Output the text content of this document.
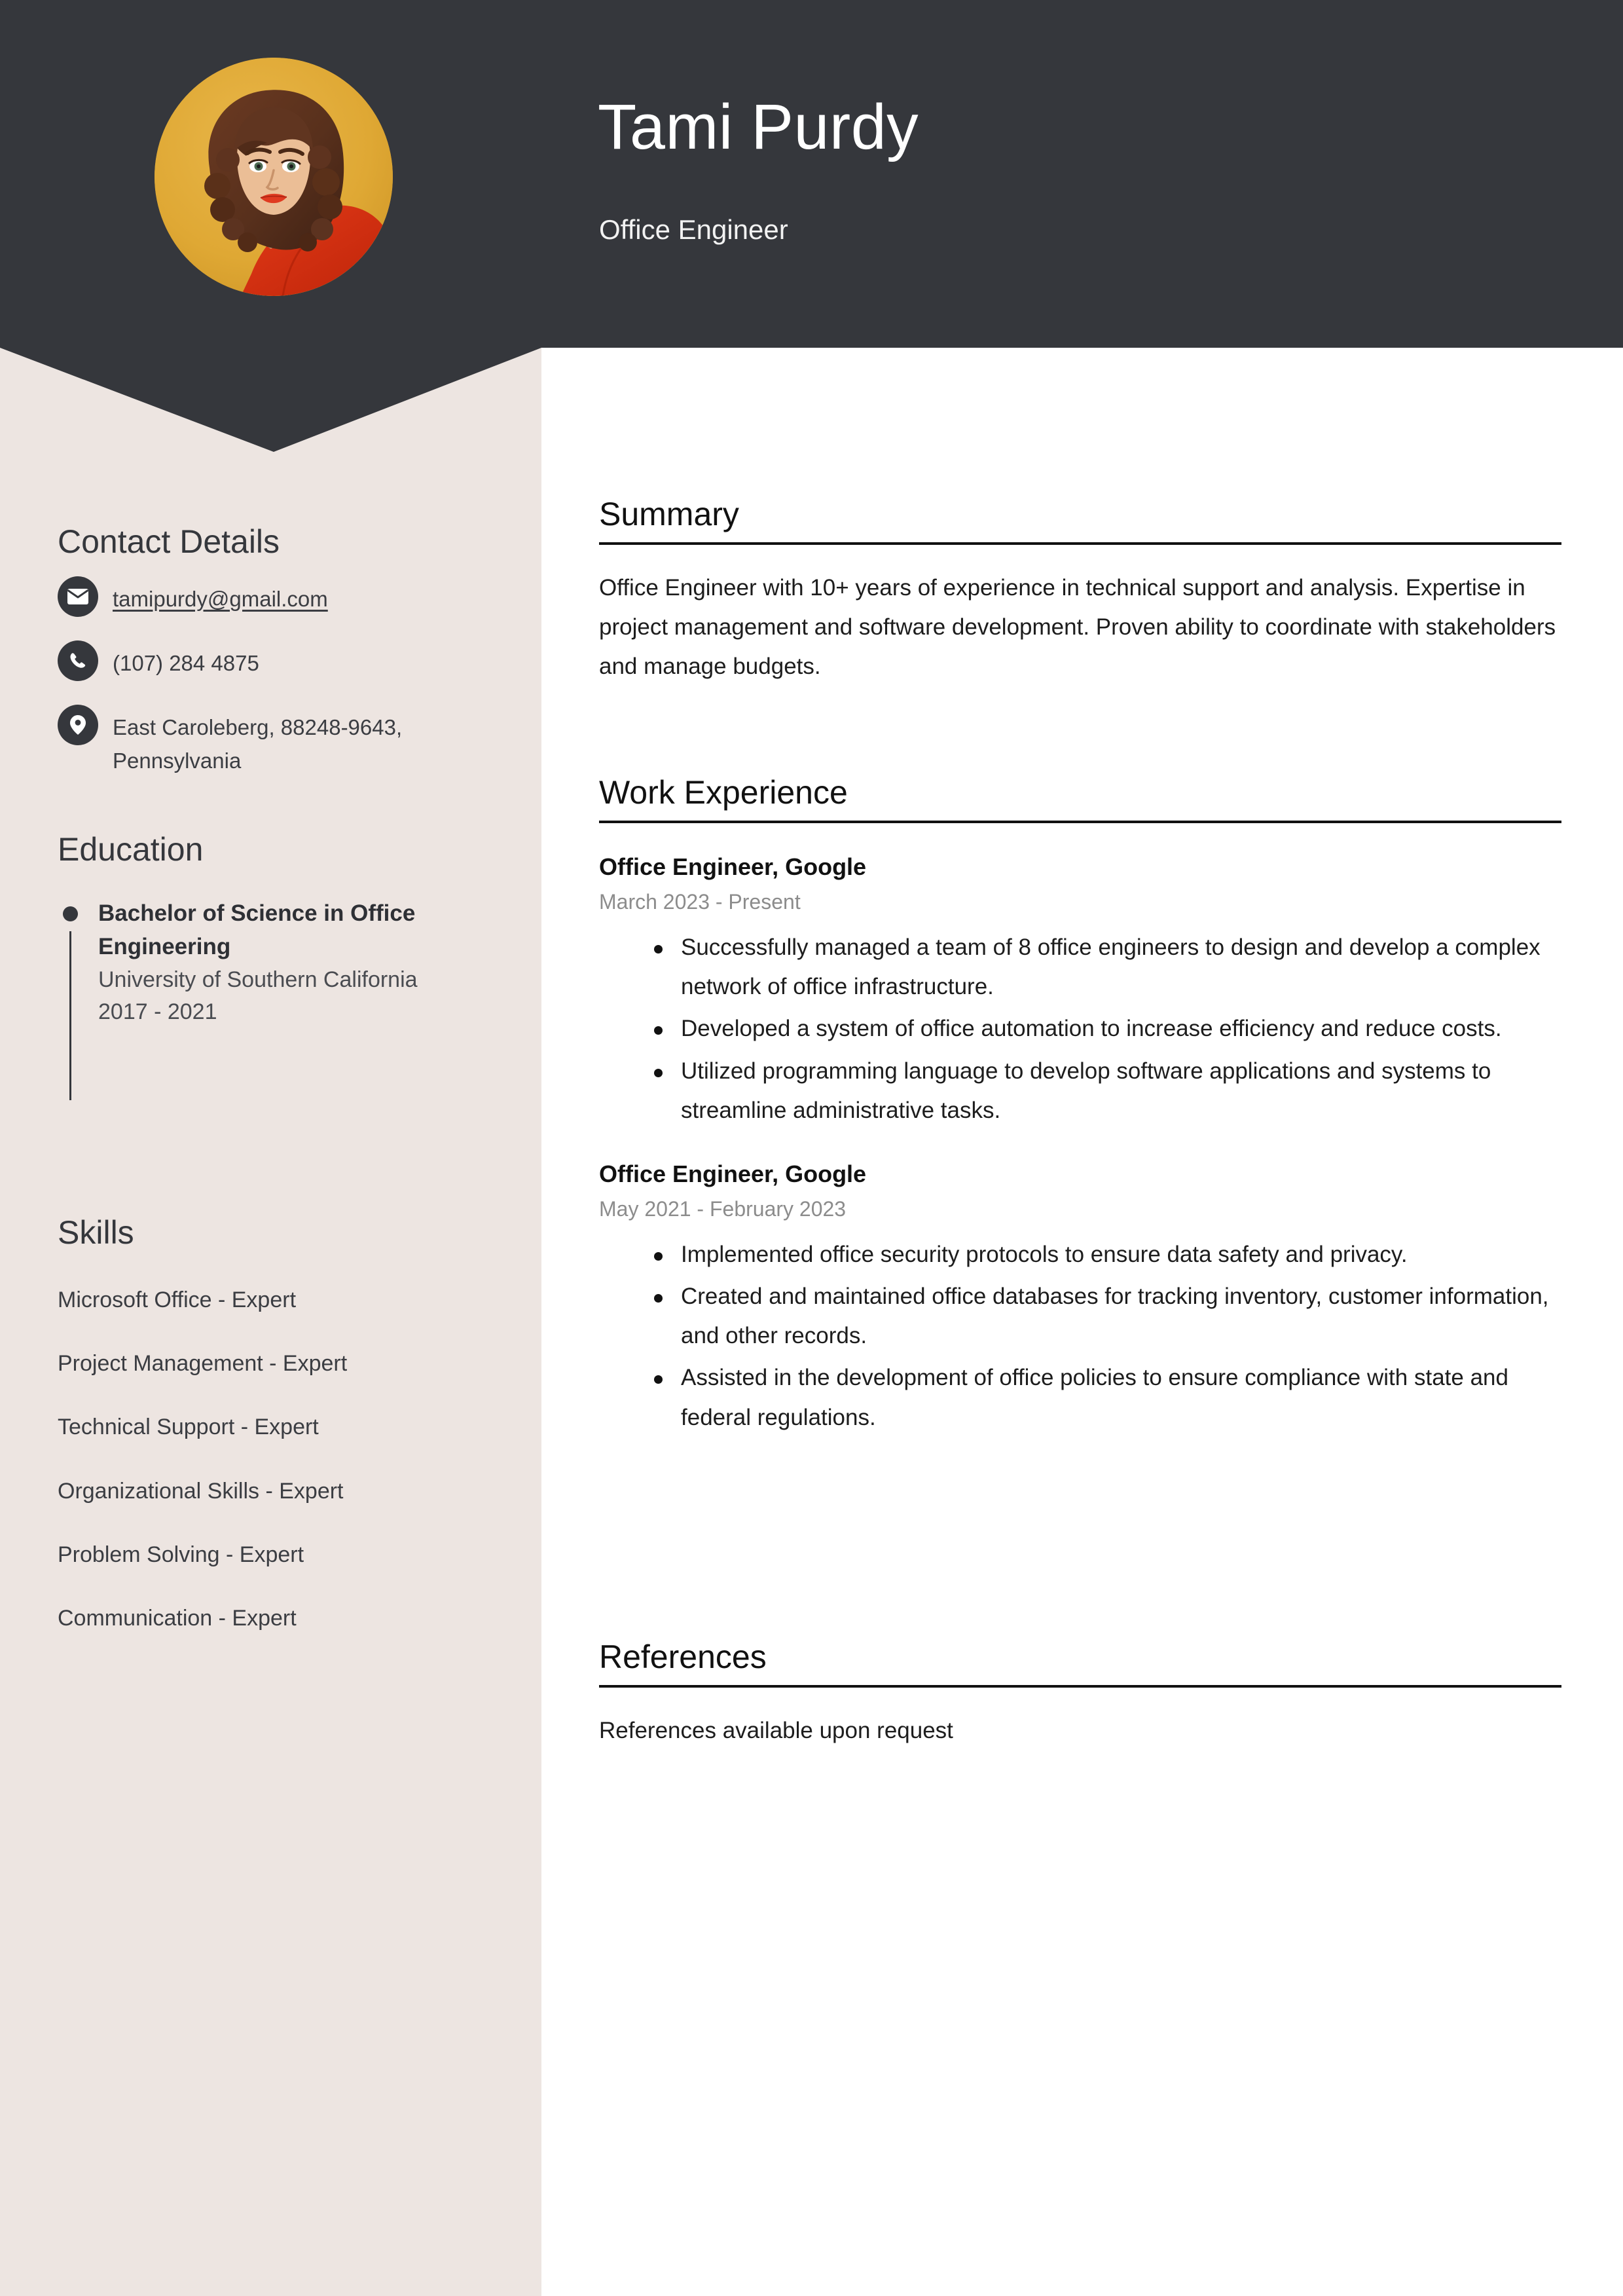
Tami Purdy
Office Engineer
Contact Details
tamipurdy@gmail.com
(107) 284 4875
East Caroleberg, 88248-9643, Pennsylvania
Education
Bachelor of Science in Office Engineering
University of Southern California
2017 - 2021
Skills
Microsoft Office - Expert
Project Management - Expert
Technical Support - Expert
Organizational Skills - Expert
Problem Solving - Expert
Communication - Expert
Summary
Office Engineer with 10+ years of experience in technical support and analysis. Expertise in project management and software development. Proven ability to coordinate with stakeholders and manage budgets.
Work Experience
Office Engineer, Google
March 2023 - Present
Successfully managed a team of 8 office engineers to design and develop a complex network of office infrastructure.
Developed a system of office automation to increase efficiency and reduce costs.
Utilized programming language to develop software applications and systems to streamline administrative tasks.
Office Engineer, Google
May 2021 - February 2023
Implemented office security protocols to ensure data safety and privacy.
Created and maintained office databases for tracking inventory, customer information, and other records.
Assisted in the development of office policies to ensure compliance with state and federal regulations.
References
References available upon request
